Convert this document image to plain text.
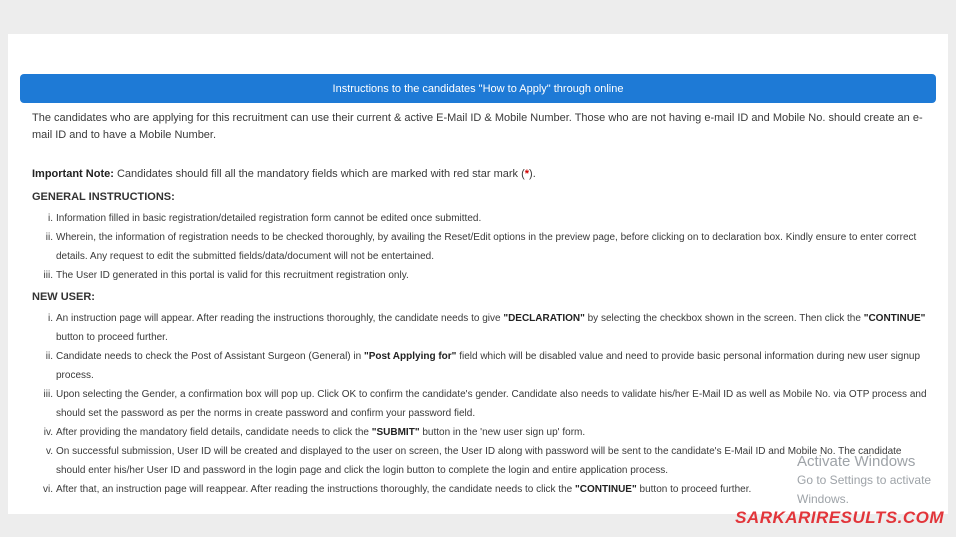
Instructions to the candidates "How to Apply" through online

The candidates who are applying for this recruitment can use their current & active E-Mail ID & Mobile Number. Those who are not having e-mail ID and Mobile No. should create an e-mail ID and to have a Mobile Number.

Important Note: Candidates should fill all the mandatory fields which are marked with red star mark (*).

GENERAL INSTRUCTIONS:
i. Information filled in basic registration/detailed registration form cannot be edited once submitted.
ii. Wherein, the information of registration needs to be checked thoroughly, by availing the Reset/Edit options in the preview page, before clicking on to declaration box. Kindly ensure to enter correct details. Any request to edit the submitted fields/data/document will not be entertained.
iii. The User ID generated in this portal is valid for this recruitment registration only.
NEW USER:
i. An instruction page will appear. After reading the instructions thoroughly, the candidate needs to give "DECLARATION" by selecting the checkbox shown in the screen. Then click the "CONTINUE" button to proceed further.
ii. Candidate needs to check the Post of Assistant Surgeon (General) in "Post Applying for" field which will be disabled value and need to provide basic personal information during new user signup process.
iii. Upon selecting the Gender, a confirmation box will pop up. Click OK to confirm the candidate's gender. Candidate also needs to validate his/her E-Mail ID as well as Mobile No. via OTP process and should set the password as per the norms in create password and confirm your password field.
iv. After providing the mandatory field details, candidate needs to click the "SUBMIT" button in the 'new user sign up' form.
v. On successful submission, User ID will be created and displayed to the user on screen, the User ID along with password will be sent to the candidate's E-Mail ID and Mobile No. The candidate should enter his/her User ID and password in the login page and click the login button to complete the login and entire application process.
vi. After that, an instruction page will reappear. After reading the instructions thoroughly, the candidate needs to click the "CONTINUE" button to proceed further.
Activate Windows
Go to Settings to activate Windows.
SARKARIRESULTS.COM
